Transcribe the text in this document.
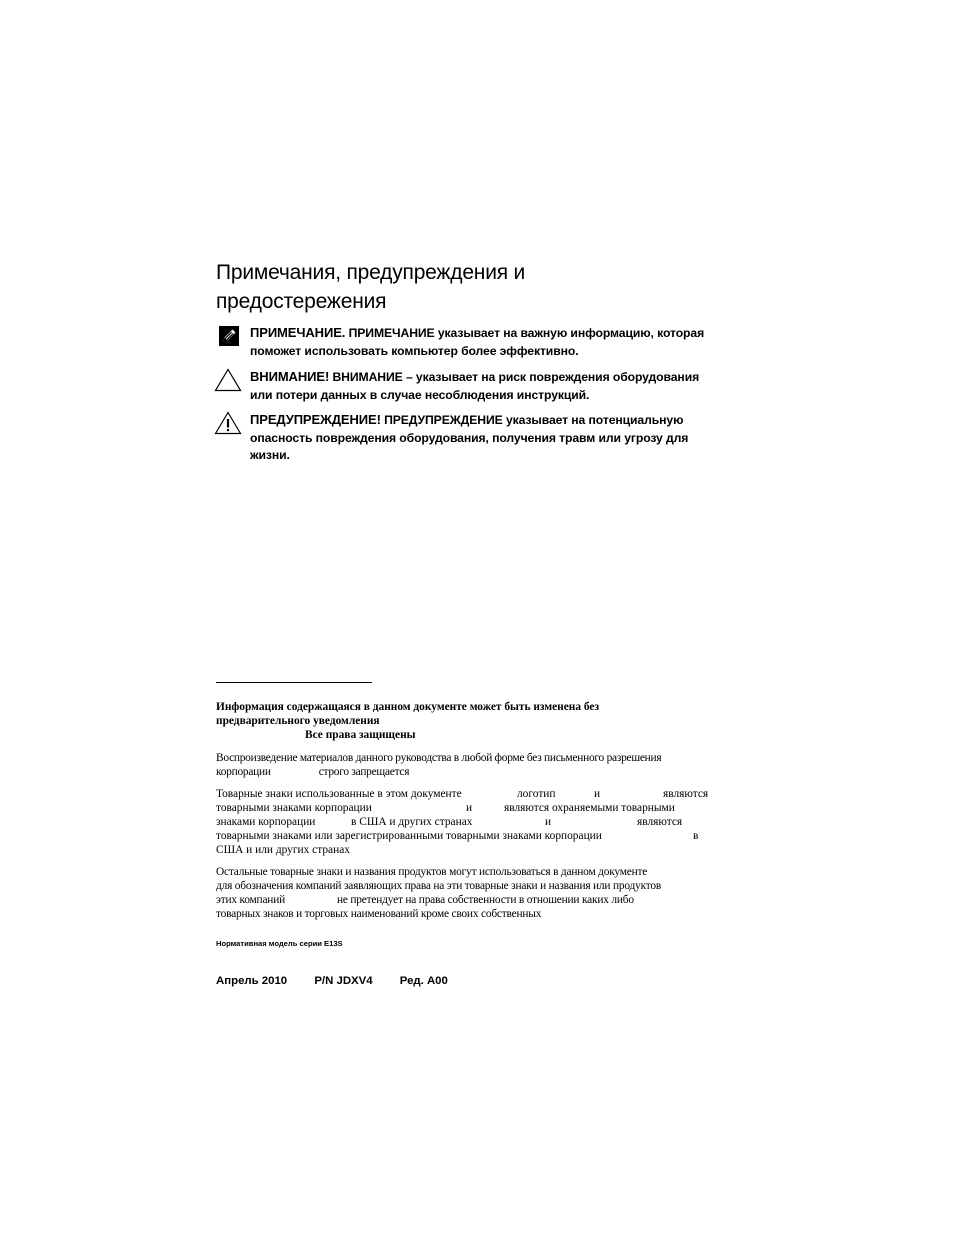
Примечания, предупреждения и
предостережения
ПРИМЕЧАНИЕ. ПРИМЕЧАНИЕ указывает на важную информацию, которая
поможет использовать компьютер более эффективно.
ВНИМАНИЕ! ВНИМАНИЕ – указывает на риск повреждения оборудования
или потери данных в случае несоблюдения инструкций.
ПРЕДУПРЕЖДЕНИЕ! ПРЕДУПРЕЖДЕНИЕ указывает на потенциальную
опасность повреждения оборудования, получения травм или угрозу для
жизни.
Информация содержащаяся в данном документе может быть изменена без
предварительного уведомления
Все права защищены
Воспроизведение материалов данного руководства в любой форме без письменного разрешения
корпорации	строго запрещается
Товарные знаки использованные в этом документе	логотип	и	являются
товарными знаками корпорации	и	являются охраняемыми товарными
знаками корпорации	в США и других странах	и	являются
товарными знаками или зарегистрированными товарными знаками корпорации	в
США и или других странах
Остальные товарные знаки и названия продуктов могут использоваться в данном документе
для обозначения компаний заявляющих права на эти товарные знаки и названия или продуктов
этих компаний	не претендует на права собственности в отношении каких либо
товарных знаков и торговых наименований кроме своих собственных
Нормативная модель серии E13S
Апрель 2010 P/N JDXV4 Ред. A00
